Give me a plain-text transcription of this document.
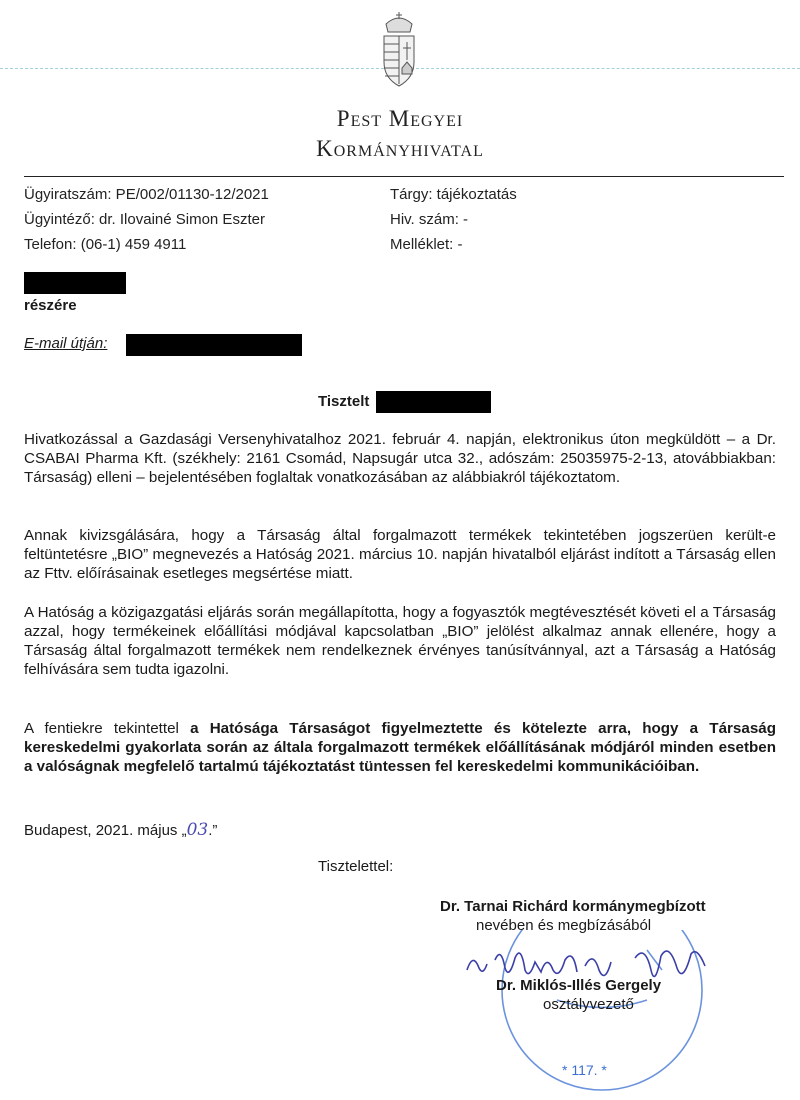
Pest Megyei
Kormányhivatal
Ügyiratszám: PE/002/01130-12/2021
Ügyintéző: dr. Ilovainé Simon Eszter
Telefon: (06-1) 459 4911
Tárgy: tájékoztatás
Hiv. szám: -
Melléklet: -
részére
E-mail útján:
Tisztelt
Hivatkozással a Gazdasági Versenyhivatalhoz 2021. február 4. napján, elektronikus úton megküldött – a Dr. CSABAI Pharma Kft. (székhely: 2161 Csomád, Napsugár utca 32., adószám: 25035975-2-13, atovábbiakban: Társaság) elleni – bejelentésében foglaltak vonatkozásában az alábbiakról tájékoztatom.
Annak kivizsgálására, hogy a Társaság által forgalmazott termékek tekintetében jogszerüen került-e feltüntetésre „BIO” megnevezés a Hatóság 2021. március 10. napján hivatalból eljárást indított a Társaság ellen az Fttv. előírásainak esetleges megsértése miatt.
A Hatóság a közigazgatási eljárás során megállapította, hogy a fogyasztók megtévesztését követi el a Társaság azzal, hogy termékeinek előállítási módjával kapcsolatban „BIO” jelölést alkalmaz annak ellenére, hogy a Társaság által forgalmazott termékek nem rendelkeznek érvényes tanúsítvánnyal, azt a Társaság a Hatóság felhívására sem tudta igazolni.
A fentiekre tekintettel a Hatósága Társaságot figyelmeztette és kötelezte arra, hogy a Társaság kereskedelmi gyakorlata során az általa forgalmazott termékek előállításának módjáról minden esetben a valóságnak megfelelő tartalmú tájékoztatást tüntessen fel kereskedelmi kommunikációiban.
Budapest, 2021. május „03.”
Tisztelettel:
Dr. Tarnai Richárd kormánymegbízott
nevében és megbízásából
* 117. *
Dr. Miklós-Illés Gergely
osztályvezető
